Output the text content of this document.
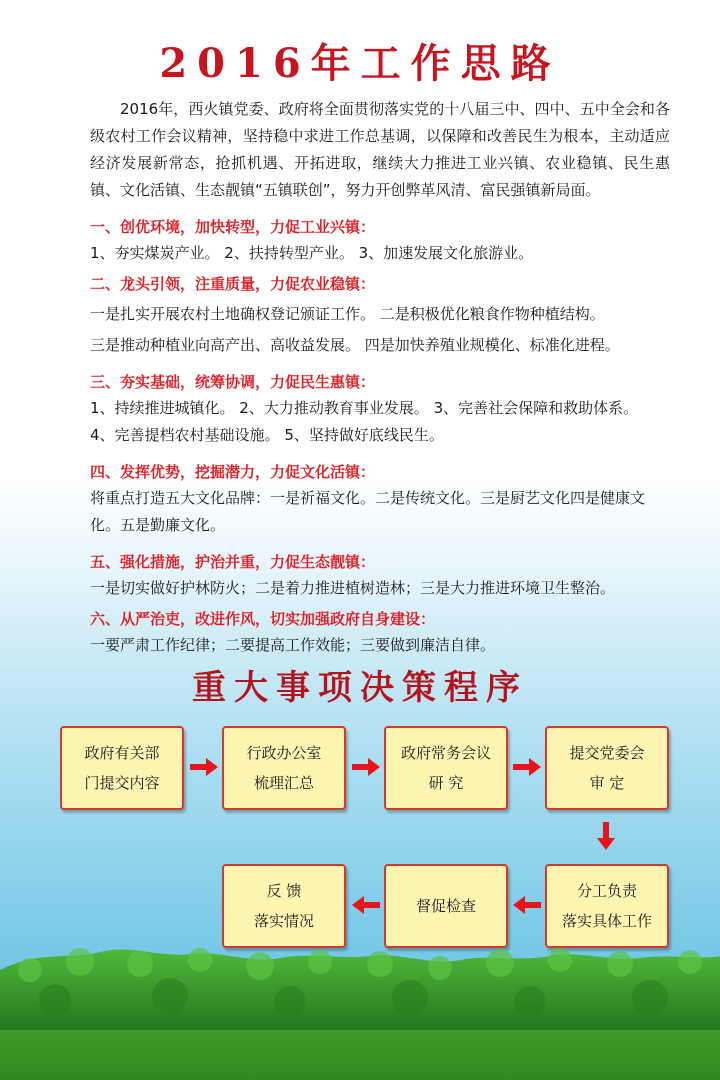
2016年工作思路

2016年，西火镇党委、政府将全面贯彻落实党的十八届三中、四中、五中全会和各级农村工作会议精神，坚持稳中求进工作总基调，以保障和改善民生为根本，主动适应经济发展新常态，抢抓机遇、开拓进取，继续大力推进工业兴镇、农业稳镇、民生惠镇、文化活镇、生态靓镇“五镇联创”，努力开创弊革风清、富民强镇新局面。

一、创优环境，加快转型，力促工业兴镇：

1、夯实煤炭产业。 2、扶持转型产业。 3、加速发展文化旅游业。

二、龙头引领，注重质量，力促农业稳镇：

一是扎实开展农村土地确权登记颁证工作。 二是积极优化粮食作物种植结构。

三是推动种植业向高产出、高收益发展。 四是加快养殖业规模化、标准化进程。

三、夯实基础，统筹协调，力促民生惠镇：

1、持续推进城镇化。 2、大力推动教育事业发展。 3、完善社会保障和救助体系。

4、完善提档农村基础设施。 5、坚持做好底线民生。

四、发挥优势，挖掘潜力，力促文化活镇：

将重点打造五大文化品牌：一是祈福文化。二是传统文化。三是厨艺文化四是健康文化。五是勤廉文化。

五、强化措施，护治并重，力促生态靓镇：

一是切实做好护林防火；二是着力推进植树造林；三是大力推进环境卫生整治。

六、从严治吏，改进作风，切实加强政府自身建设：

一要严肃工作纪律；二要提高工作效能；三要做到廉洁自律。

重大事项决策程序
政府有关部
门提交内容
行政办公室
梳理汇总
政府常务会议
研 究
提交党委会
审 定
分工负责
落实具体工作
督促检查
反 馈
落实情况
